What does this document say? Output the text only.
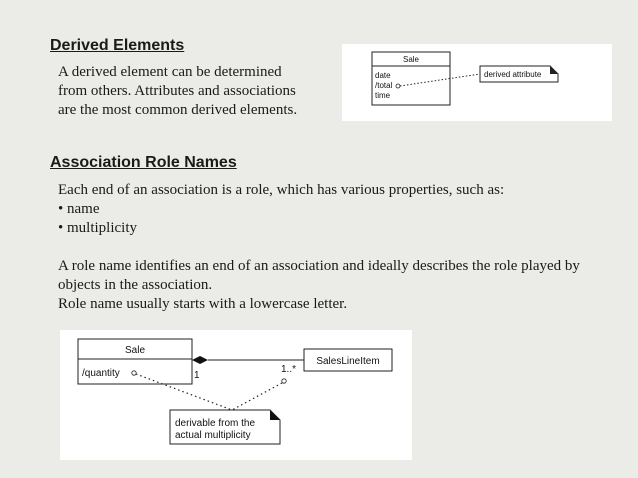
Derived Elements
A derived element can be determined
from others. Attributes and associations
are the most common derived elements.
Sale
date
/total
time
derived attribute
Association Role Names
Each end of an association is a role, which has various properties, such as:
• name
• multiplicity
A role name identifies an end of an association and ideally describes the role played by
objects in the association.
Role name usually starts with a lowercase letter.
Sale
/quantity	1
1..*
SalesLineItem
derivable from the
actual multiplicity
